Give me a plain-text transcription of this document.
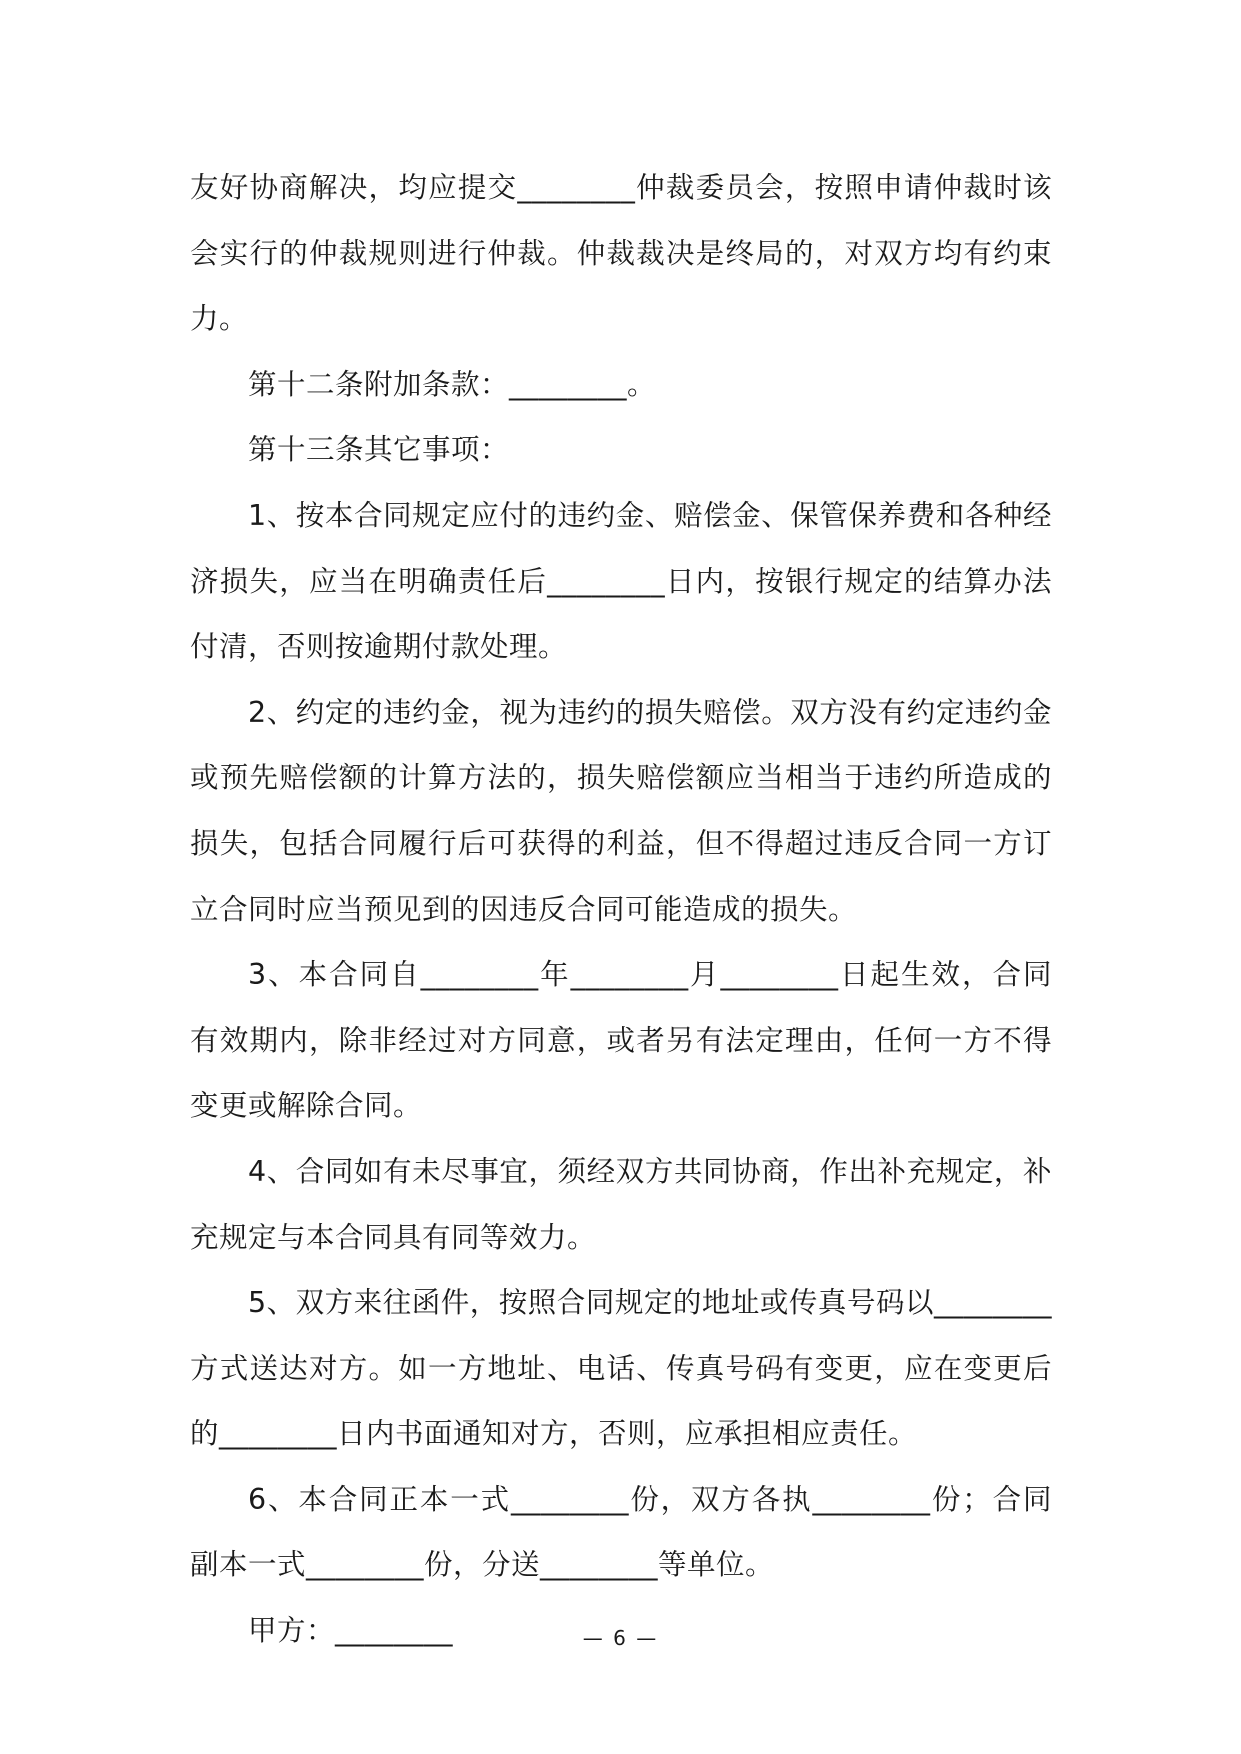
友好协商解决，均应提交________仲裁委员会，按照申请仲裁时该会实行的仲裁规则进行仲裁。仲裁裁决是终局的，对双方均有约束力。

第十二条附加条款：________。

第十三条其它事项：

1、按本合同规定应付的违约金、赔偿金、保管保养费和各种经济损失，应当在明确责任后________日内，按银行规定的结算办法付清，否则按逾期付款处理。

2、约定的违约金，视为违约的损失赔偿。双方没有约定违约金或预先赔偿额的计算方法的，损失赔偿额应当相当于违约所造成的损失，包括合同履行后可获得的利益，但不得超过违反合同一方订立合同时应当预见到的因违反合同可能造成的损失。

3、本合同自________年________月________日起生效，合同有效期内，除非经过对方同意，或者另有法定理由，任何一方不得变更或解除合同。

4、合同如有未尽事宜，须经双方共同协商，作出补充规定，补充规定与本合同具有同等效力。

5、双方来往函件，按照合同规定的地址或传真号码以________方式送达对方。如一方地址、电话、传真号码有变更，应在变更后的________日内书面通知对方，否则，应承担相应责任。

6、本合同正本一式________份，双方各执________份；合同副本一式________份，分送________等单位。

甲方：________	— 6 —
